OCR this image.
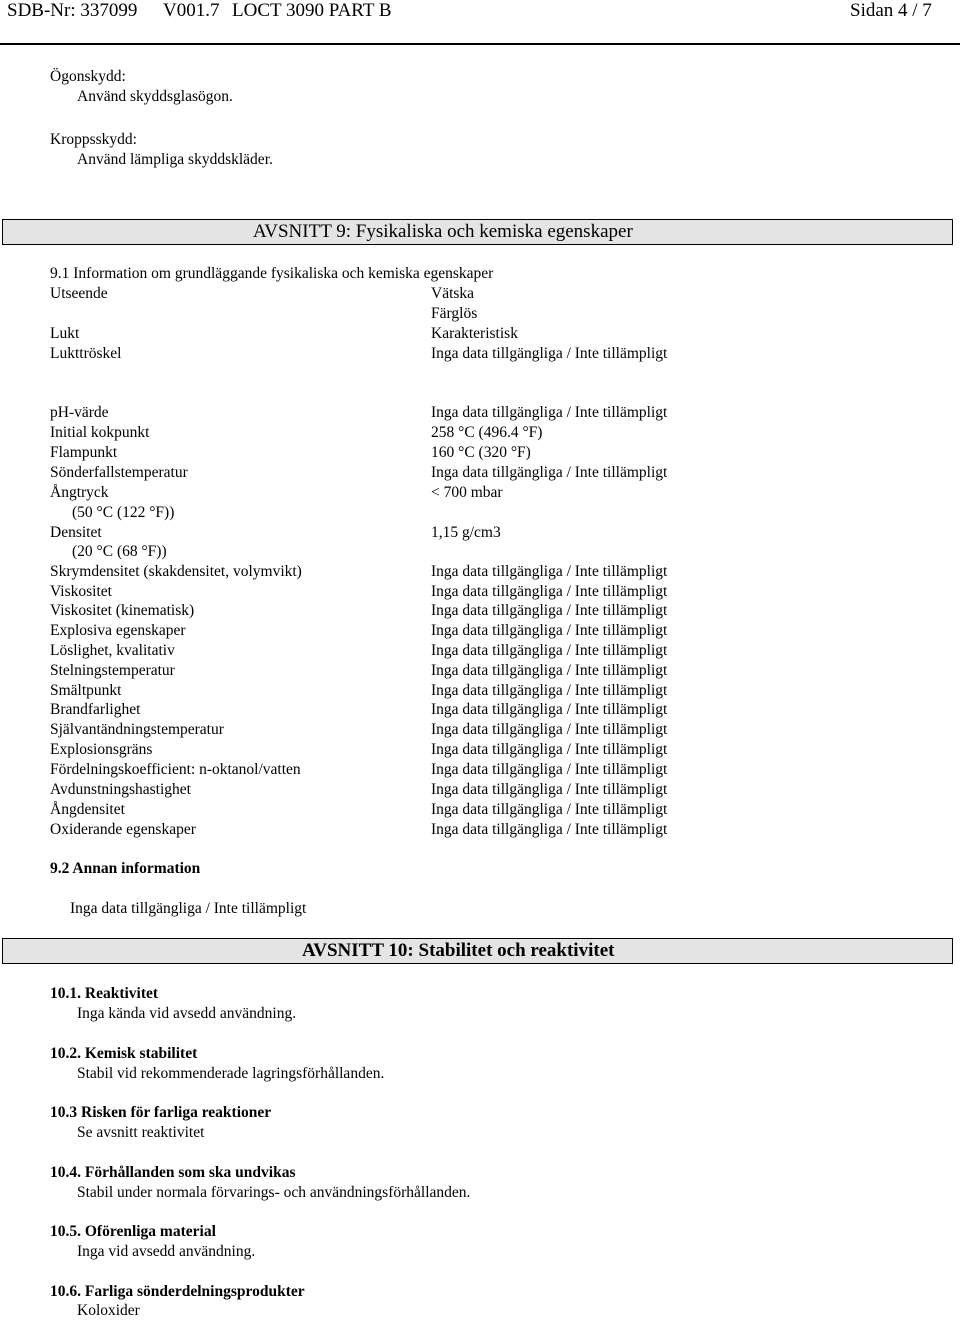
SDB-Nr: 337099 V001.7 LOCT 3090 PART B	Sidan 4 / 7
Ögonskydd:
Använd skyddsglasögon.
Kroppsskydd:
Använd lämpliga skyddskläder.
AVSNITT 9: Fysikaliska och kemiska egenskaper
9.1 Information om grundläggande fysikaliska och kemiska egenskaper
Utseende	Vätska
Färglös
Lukt	Karakteristisk
Lukttröskel	Inga data tillgängliga / Inte tillämpligt
pH-värde	Inga data tillgängliga / Inte tillämpligt
Initial kokpunkt	258 °C (496.4 °F)
Flampunkt	160 °C (320 °F)
Sönderfallstemperatur	Inga data tillgängliga / Inte tillämpligt
Ångtryck	< 700 mbar
(50 °C (122 °F))
Densitet	1,15 g/cm3
(20 °C (68 °F))
Skrymdensitet (skakdensitet, volymvikt)	Inga data tillgängliga / Inte tillämpligt
Viskositet	Inga data tillgängliga / Inte tillämpligt
Viskositet (kinematisk)	Inga data tillgängliga / Inte tillämpligt
Explosiva egenskaper	Inga data tillgängliga / Inte tillämpligt
Löslighet, kvalitativ	Inga data tillgängliga / Inte tillämpligt
Stelningstemperatur	Inga data tillgängliga / Inte tillämpligt
Smältpunkt	Inga data tillgängliga / Inte tillämpligt
Brandfarlighet	Inga data tillgängliga / Inte tillämpligt
Självantändningstemperatur	Inga data tillgängliga / Inte tillämpligt
Explosionsgräns	Inga data tillgängliga / Inte tillämpligt
Fördelningskoefficient: n-oktanol/vatten	Inga data tillgängliga / Inte tillämpligt
Avdunstningshastighet	Inga data tillgängliga / Inte tillämpligt
Ångdensitet	Inga data tillgängliga / Inte tillämpligt
Oxiderande egenskaper	Inga data tillgängliga / Inte tillämpligt
9.2 Annan information
Inga data tillgängliga / Inte tillämpligt
AVSNITT 10: Stabilitet och reaktivitet
10.1. Reaktivitet
Inga kända vid avsedd användning.
10.2. Kemisk stabilitet
Stabil vid rekommenderade lagringsförhållanden.
10.3 Risken för farliga reaktioner
Se avsnitt reaktivitet
10.4. Förhållanden som ska undvikas
Stabil under normala förvarings- och användningsförhållanden.
10.5. Oförenliga material
Inga vid avsedd användning.
10.6. Farliga sönderdelningsprodukter
Koloxider
